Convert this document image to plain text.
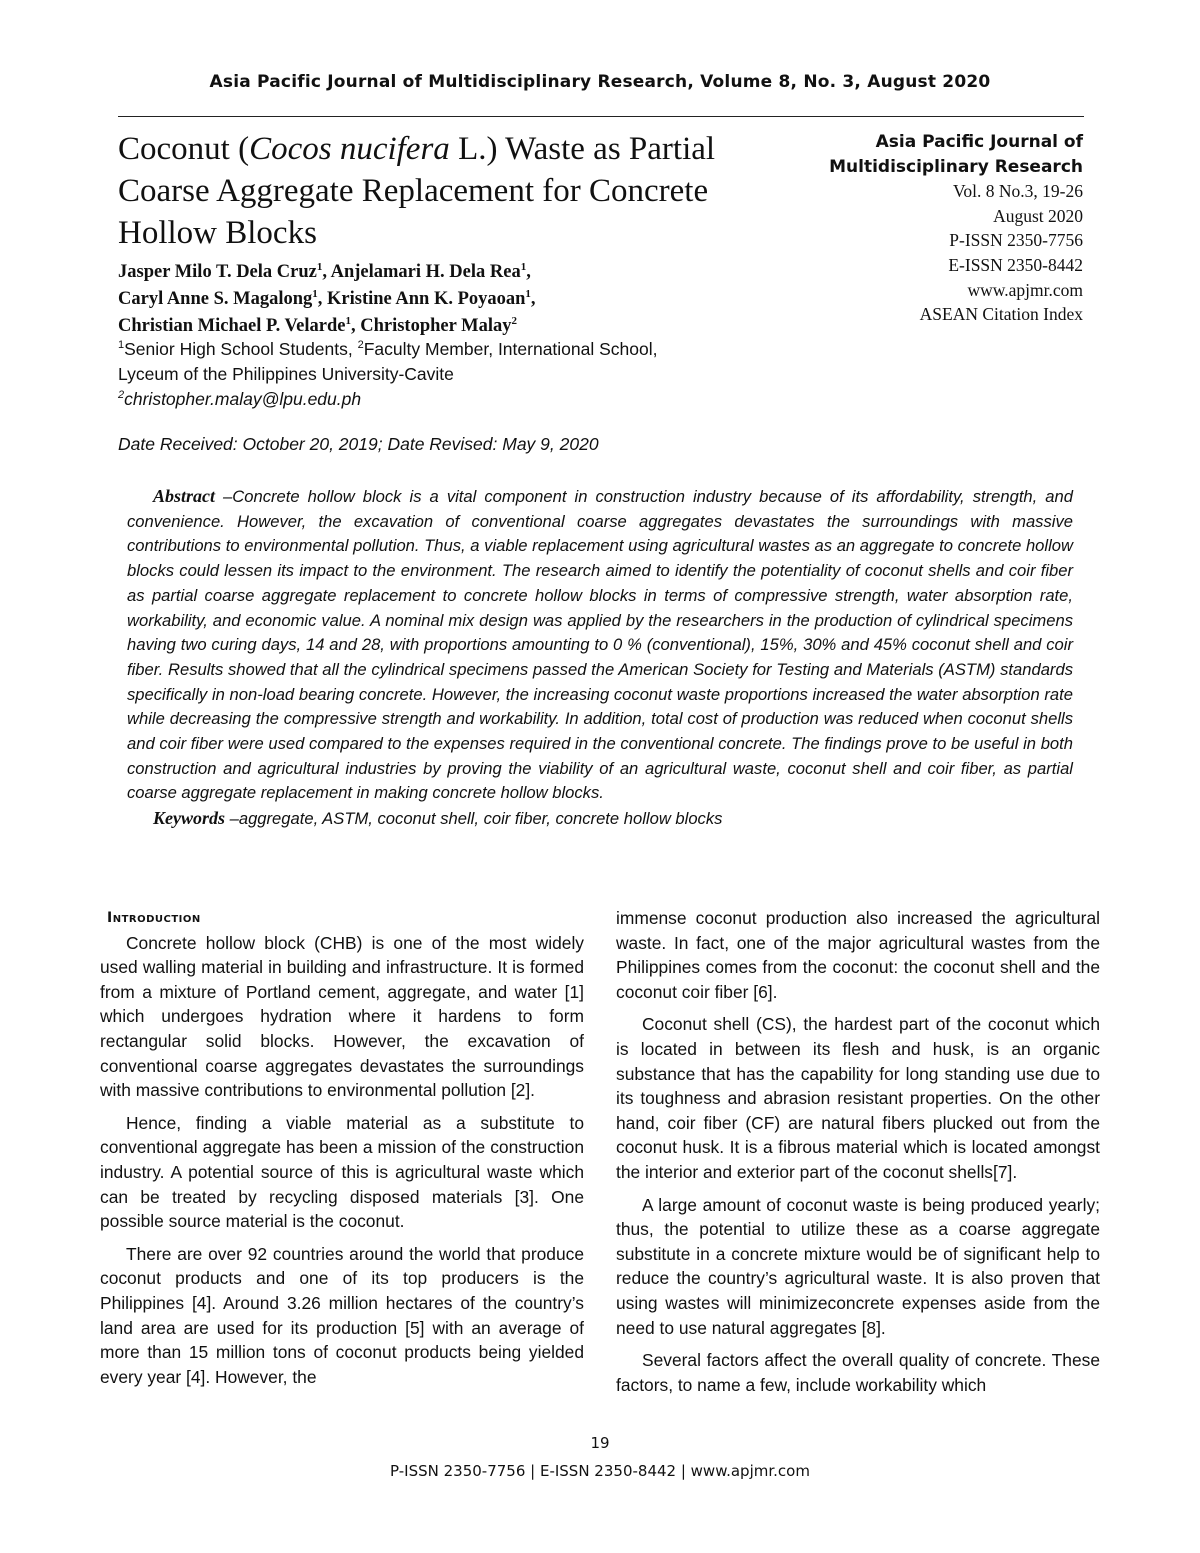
Asia Pacific Journal of Multidisciplinary Research, Volume 8, No. 3, August 2020
Coconut (Cocos nucifera L.) Waste as Partial Coarse Aggregate Replacement for Concrete Hollow Blocks
Asia Pacific Journal of
Multidisciplinary Research
Vol. 8 No.3, 19-26
August 2020
P-ISSN 2350-7756
E-ISSN 2350-8442
www.apjmr.com
ASEAN Citation Index
Jasper Milo T. Dela Cruz$^1$, Anjelamari H. Dela Rea$^1$,
Caryl Anne S. Magalong$^1$, Kristine Ann K. Poyaoan$^1$,
Christian Michael P. Velarde$^1$, Christopher Malay$^2$
$^1$Senior High School Students, $^2$Faculty Member, International School,
Lyceum of the Philippines University-Cavite
$^2$christopher.malay@lpu.edu.ph
Date Received: October 20, 2019; Date Revised: May 9, 2020

Abstract –Concrete hollow block is a vital component in construction industry because of its affordability, strength, and convenience. However, the excavation of conventional coarse aggregates devastates the surroundings with massive contributions to environmental pollution. Thus, a viable replacement using agricultural wastes as an aggregate to concrete hollow blocks could lessen its impact to the environment. The research aimed to identify the potentiality of coconut shells and coir fiber as partial coarse aggregate replacement to concrete hollow blocks in terms of compressive strength, water absorption rate, workability, and economic value. A nominal mix design was applied by the researchers in the production of cylindrical specimens having two curing days, 14 and 28, with proportions amounting to 0 % (conventional), 15%, 30% and 45% coconut shell and coir fiber. Results showed that all the cylindrical specimens passed the American Society for Testing and Materials (ASTM) standards specifically in non-load bearing concrete. However, the increasing coconut waste proportions increased the water absorption rate while decreasing the compressive strength and workability. In addition, total cost of production was reduced when coconut shells and coir fiber were used compared to the expenses required in the conventional concrete. The findings prove to be useful in both construction and agricultural industries by proving the viability of an agricultural waste, coconut shell and coir fiber, as partial coarse aggregate replacement in making concrete hollow blocks.

Keywords –aggregate, ASTM, coconut shell, coir fiber, concrete hollow blocks

Introduction

Concrete hollow block (CHB) is one of the most widely used walling material in building and infrastructure. It is formed from a mixture of Portland cement, aggregate, and water [1] which undergoes hydration where it hardens to form rectangular solid blocks. However, the excavation of conventional coarse aggregates devastates the surroundings with massive contributions to environmental pollution [2].

Hence, finding a viable material as a substitute to conventional aggregate has been a mission of the construction industry. A potential source of this is agricultural waste which can be treated by recycling disposed materials [3]. One possible source material is the coconut.

There are over 92 countries around the world that produce coconut products and one of its top producers is the Philippines [4]. Around 3.26 million hectares of the country’s land area are used for its production [5] with an average of more than 15 million tons of coconut products being yielded every year [4]. However, the

immense coconut production also increased the agricultural waste. In fact, one of the major agricultural wastes from the Philippines comes from the coconut: the coconut shell and the coconut coir fiber [6].

Coconut shell (CS), the hardest part of the coconut which is located in between its flesh and husk, is an organic substance that has the capability for long standing use due to its toughness and abrasion resistant properties. On the other hand, coir fiber (CF) are natural fibers plucked out from the coconut husk. It is a fibrous material which is located amongst the interior and exterior part of the coconut shells[7].

A large amount of coconut waste is being produced yearly; thus, the potential to utilize these as a coarse aggregate substitute in a concrete mixture would be of significant help to reduce the country’s agricultural waste. It is also proven that using wastes will minimizeconcrete expenses aside from the need to use natural aggregates [8].

Several factors affect the overall quality of concrete. These factors, to name a few, include workability which

19
P-ISSN 2350-7756 | E-ISSN 2350-8442 | www.apjmr.com
